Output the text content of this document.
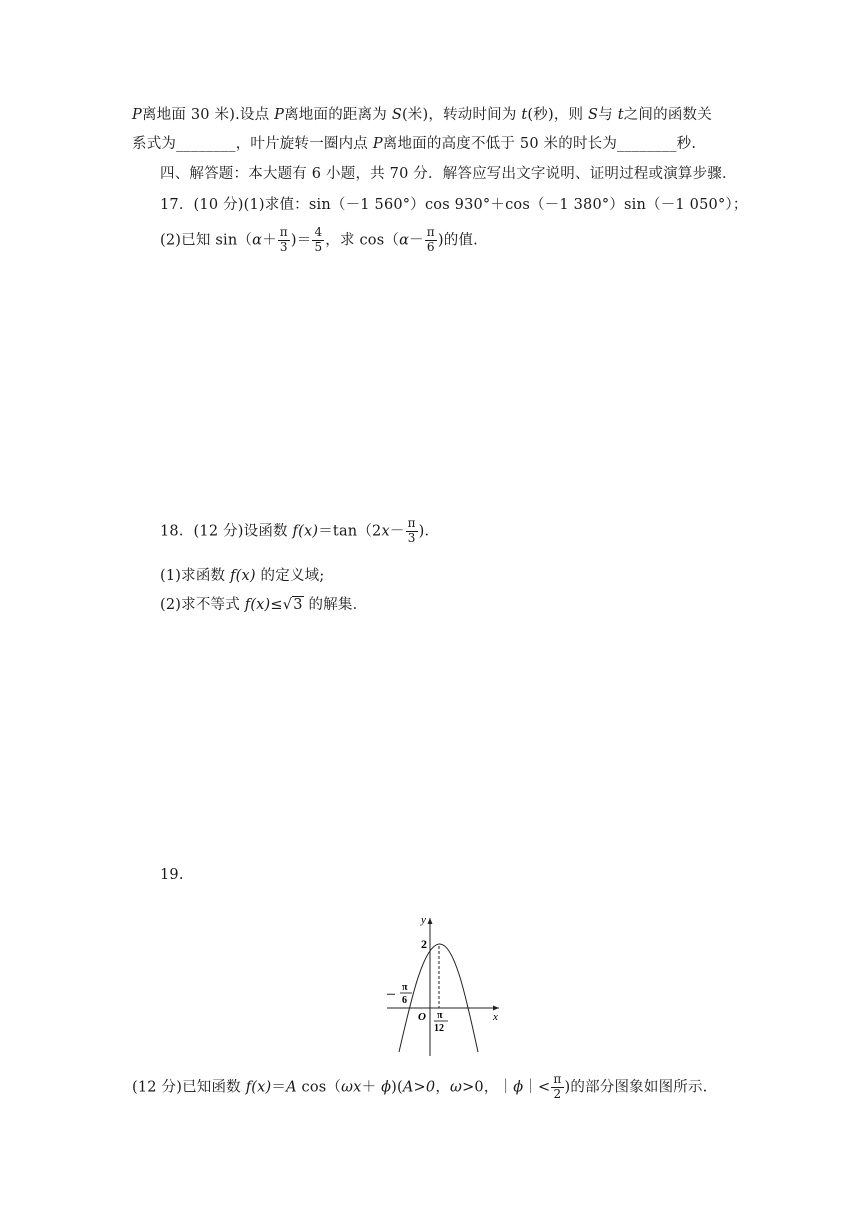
P离地面 30 米).设点 P离地面的距离为 S(米)，转动时间为 t(秒)，则 S与 t之间的函数关
系式为________，叶片旋转一圈内点 P离地面的高度不低于 50 米的时长为________秒.
四、解答题：本大题有 6 小题，共 70 分．解答应写出文字说明、证明过程或演算步骤．
17．(10 分)(1)求值：sin（－1 560°）cos 930°＋cos（－1 380°）sin（－1 050°）；
(2)已知 $\sin(\alpha+ \frac{\pi}{3}$ )＝ $\frac{4}{5}$ ，求 $\cos(\alpha- \frac{\pi}{6}$ )的值.
18．(12 分)设函数 $f(x)=\tan(2x- \frac{\pi}{3}$ )．
(1)求函数 f(x) 的定义域;
(2)求不等式 f(x)≤√3 的解集．
19.
y
x
O
2
－
π
6
π
12
(12 分)已知函数 f(x)＝A cos（ωx＋ ϕ)(A>0，ω>0，｜ϕ｜< $\frac{\pi}{2}$ )的部分图象如图所示.
